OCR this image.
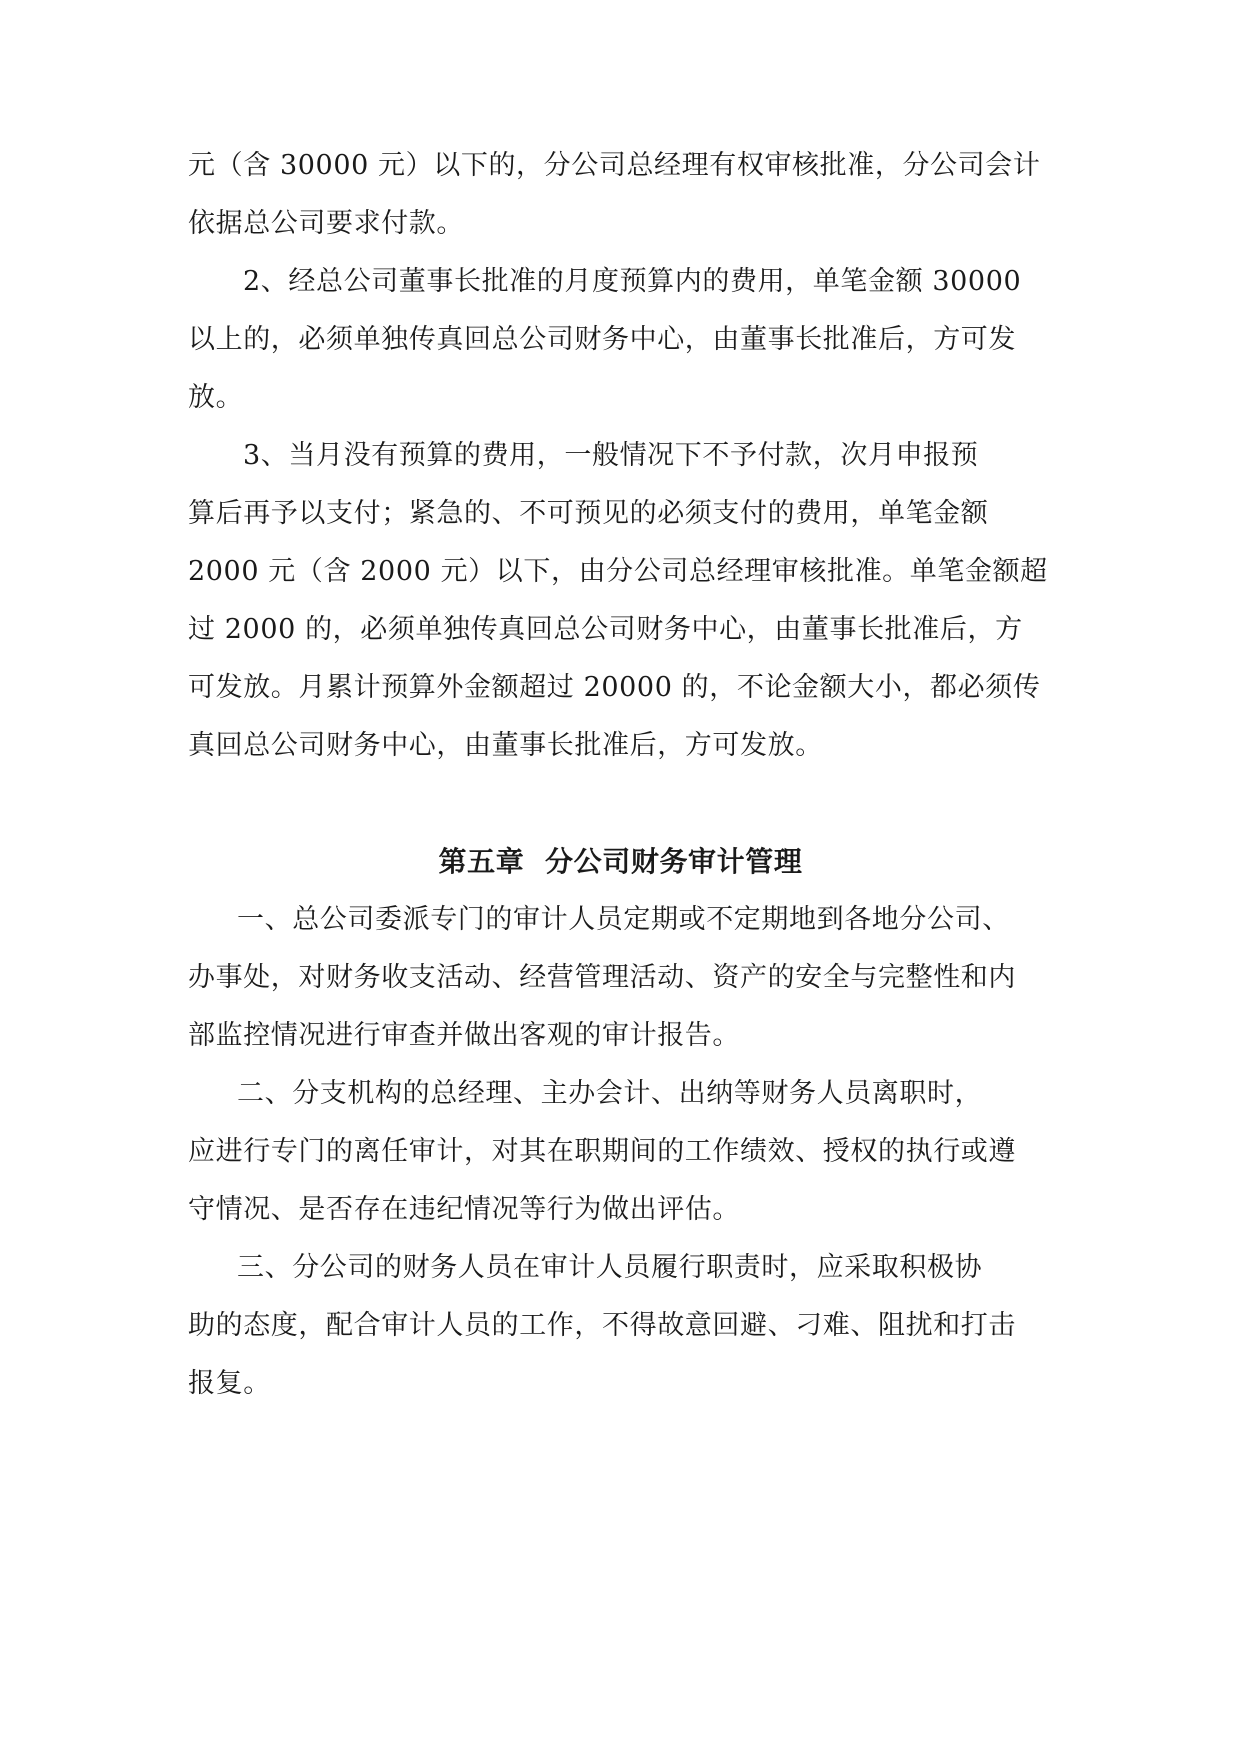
元（含 30000 元）以下的，分公司总经理有权审核批准，分公司会计
依据总公司要求付款。
2、经总公司董事长批准的月度预算内的费用，单笔金额 30000
以上的，必须单独传真回总公司财务中心，由董事长批准后，方可发
放。
3、当月没有预算的费用，一般情况下不予付款，次月申报预
算后再予以支付；紧急的、不可预见的必须支付的费用，单笔金额
2000 元（含 2000 元）以下，由分公司总经理审核批准。单笔金额超
过 2000 的，必须单独传真回总公司财务中心，由董事长批准后，方
可发放。月累计预算外金额超过 20000 的，不论金额大小，都必须传
真回总公司财务中心，由董事长批准后，方可发放。
第五章  分公司财务审计管理
一、总公司委派专门的审计人员定期或不定期地到各地分公司、
办事处，对财务收支活动、经营管理活动、资产的安全与完整性和内
部监控情况进行审查并做出客观的审计报告。
二、分支机构的总经理、主办会计、出纳等财务人员离职时，
应进行专门的离任审计，对其在职期间的工作绩效、授权的执行或遵
守情况、是否存在违纪情况等行为做出评估。
三、分公司的财务人员在审计人员履行职责时，应采取积极协
助的态度，配合审计人员的工作，不得故意回避、刁难、阻扰和打击
报复。
